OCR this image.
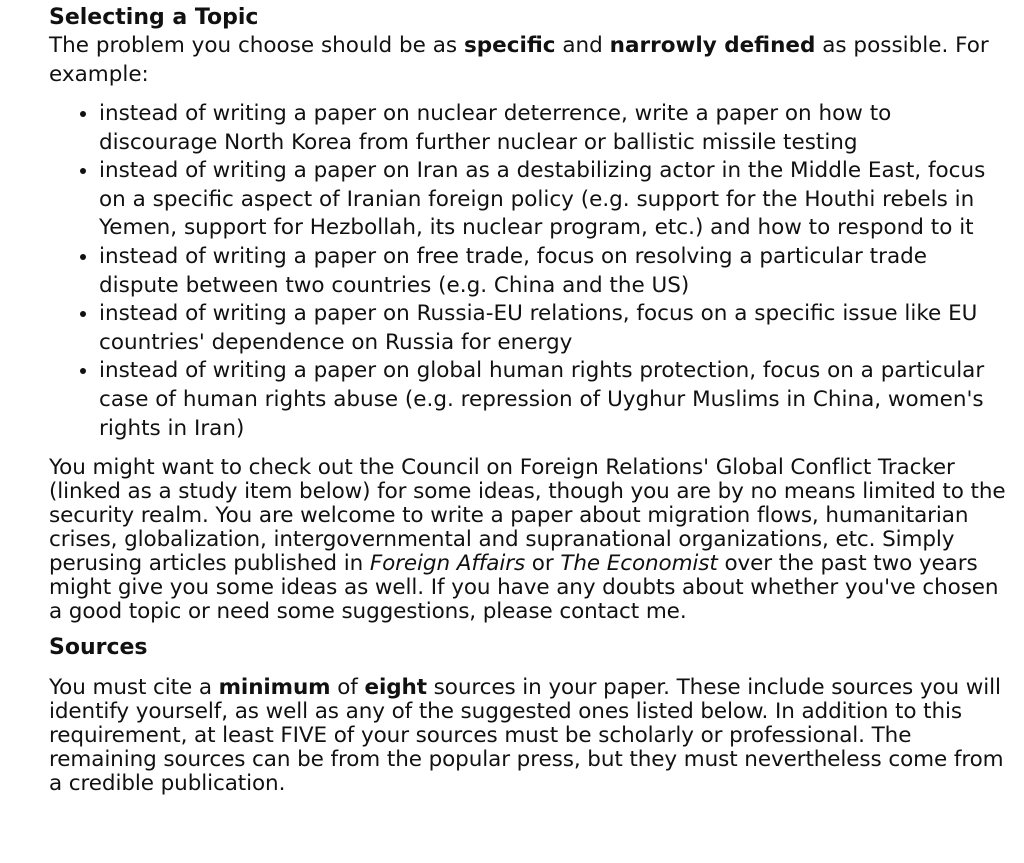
Selecting a Topic

The problem you choose should be as specific and narrowly defined as possible. For example:

• instead of writing a paper on nuclear deterrence, write a paper on how to discourage North Korea from further nuclear or ballistic missile testing
• instead of writing a paper on Iran as a destabilizing actor in the Middle East, focus on a specific aspect of Iranian foreign policy (e.g. support for the Houthi rebels in Yemen, support for Hezbollah, its nuclear program, etc.) and how to respond to it
• instead of writing a paper on free trade, focus on resolving a particular trade dispute between two countries (e.g. China and the US)
• instead of writing a paper on Russia-EU relations, focus on a specific issue like EU countries' dependence on Russia for energy
• instead of writing a paper on global human rights protection, focus on a particular case of human rights abuse (e.g. repression of Uyghur Muslims in China, women's rights in Iran)

You might want to check out the Council on Foreign Relations' Global Conflict Tracker (linked as a study item below) for some ideas, though you are by no means limited to the security realm. You are welcome to write a paper about migration flows, humanitarian crises, globalization, intergovernmental and supranational organizations, etc. Simply perusing articles published in Foreign Affairs or The Economist over the past two years might give you some ideas as well. If you have any doubts about whether you've chosen a good topic or need some suggestions, please contact me.

Sources

You must cite a minimum of eight sources in your paper. These include sources you will identify yourself, as well as any of the suggested ones listed below. In addition to this requirement, at least FIVE of your sources must be scholarly or professional. The remaining sources can be from the popular press, but they must nevertheless come from a credible publication.
